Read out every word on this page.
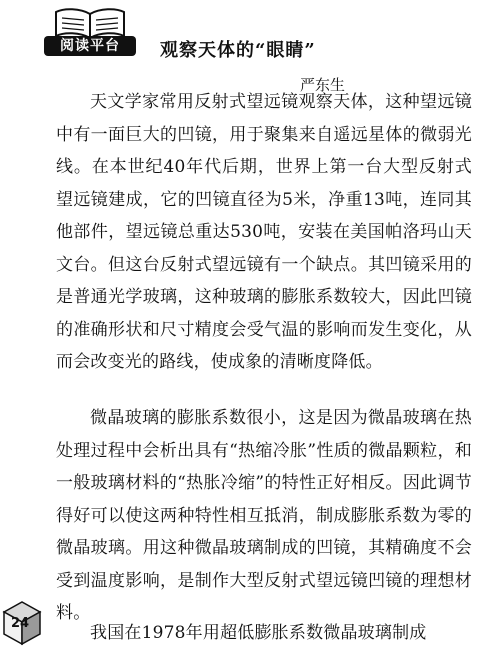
阅读平台	观察天体的“眼睛”
严东生

天文学家常用反射式望远镜观察天体，这种望远镜中有一面巨大的凹镜，用于聚集来自遥远星体的微弱光线。在本世纪40年代后期，世界上第一台大型反射式望远镜建成，它的凹镜直径为5米，净重13吨，连同其他部件，望远镜总重达530吨，安装在美国帕洛玛山天文台。但这台反射式望远镜有一个缺点。其凹镜采用的是普通光学玻璃，这种玻璃的膨胀系数较大，因此凹镜的准确形状和尺寸精度会受气温的影响而发生变化，从而会改变光的路线，使成象的清晰度降低。

微晶玻璃的膨胀系数很小，这是因为微晶玻璃在热处理过程中会析出具有“热缩冷胀”性质的微晶颗粒，和一般玻璃材料的“热胀冷缩”的特性正好相反。因此调节得好可以使这两种特性相互抵消，制成膨胀系数为零的微晶玻璃。用这种微晶玻璃制成的凹镜，其精确度不会受到温度影响，是制作大型反射式望远镜凹镜的理想材料。

我国在1978年用超低膨胀系数微晶玻璃制成

24
